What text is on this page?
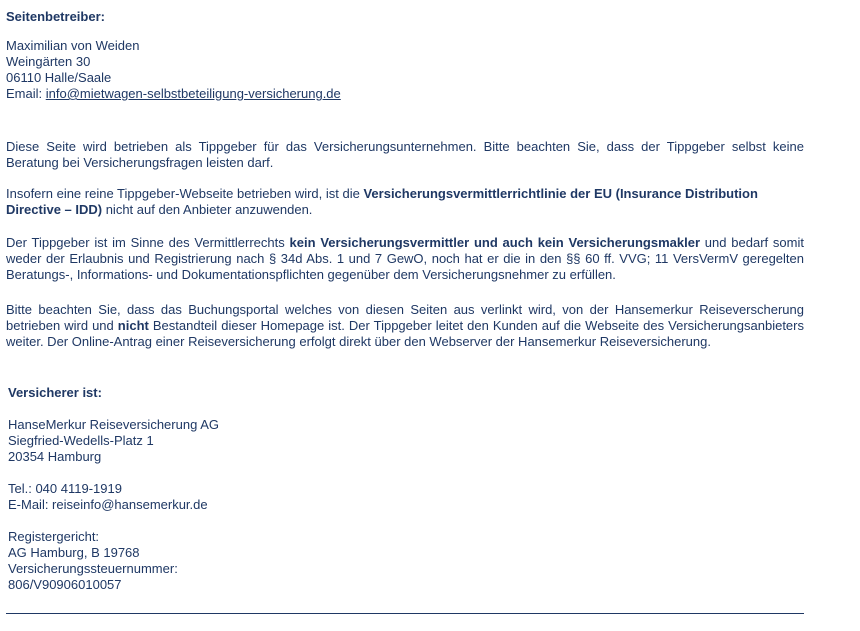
Seitenbetreiber:
Maximilian von Weiden
Weingärten 30
06110 Halle/Saale
Email: info@mietwagen-selbstbeteiligung-versicherung.de
Diese Seite wird betrieben als Tippgeber für das Versicherungsunternehmen. Bitte beachten Sie, dass der Tippgeber selbst keine Beratung bei Versicherungsfragen leisten darf.
Insofern eine reine Tippgeber-Webseite betrieben wird, ist die Versicherungsvermittlerrichtlinie der EU (Insurance Distribution Directive – IDD) nicht auf den Anbieter anzuwenden.
Der Tippgeber ist im Sinne des Vermittlerrechts kein Versicherungsvermittler und auch kein Versicherungsmakler und bedarf somit weder der Erlaubnis und Registrierung nach § 34d Abs. 1 und 7 GewO, noch hat er die in den §§ 60 ff. VVG; 11 VersVermV geregelten Beratungs-, Informations- und Dokumentationspflichten gegenüber dem Versicherungsnehmer zu erfüllen.
Bitte beachten Sie, dass das Buchungsportal welches von diesen Seiten aus verlinkt wird, von der Hansemerkur Reiseverscherung betrieben wird und nicht Bestandteil dieser Homepage ist. Der Tippgeber leitet den Kunden auf die Webseite des Versicherungsanbieters weiter. Der Online-Antrag einer Reiseversicherung erfolgt direkt über den Webserver der Hansemerkur Reiseversicherung.
Versicherer ist:
HanseMerkur Reiseversicherung AG
Siegfried-Wedells-Platz 1
20354 Hamburg
Tel.: 040 4119-1919
E-Mail: reiseinfo@hansemerkur.de
Registergericht:
AG Hamburg, B 19768
Versicherungssteuernummer:
806/V90906010057
